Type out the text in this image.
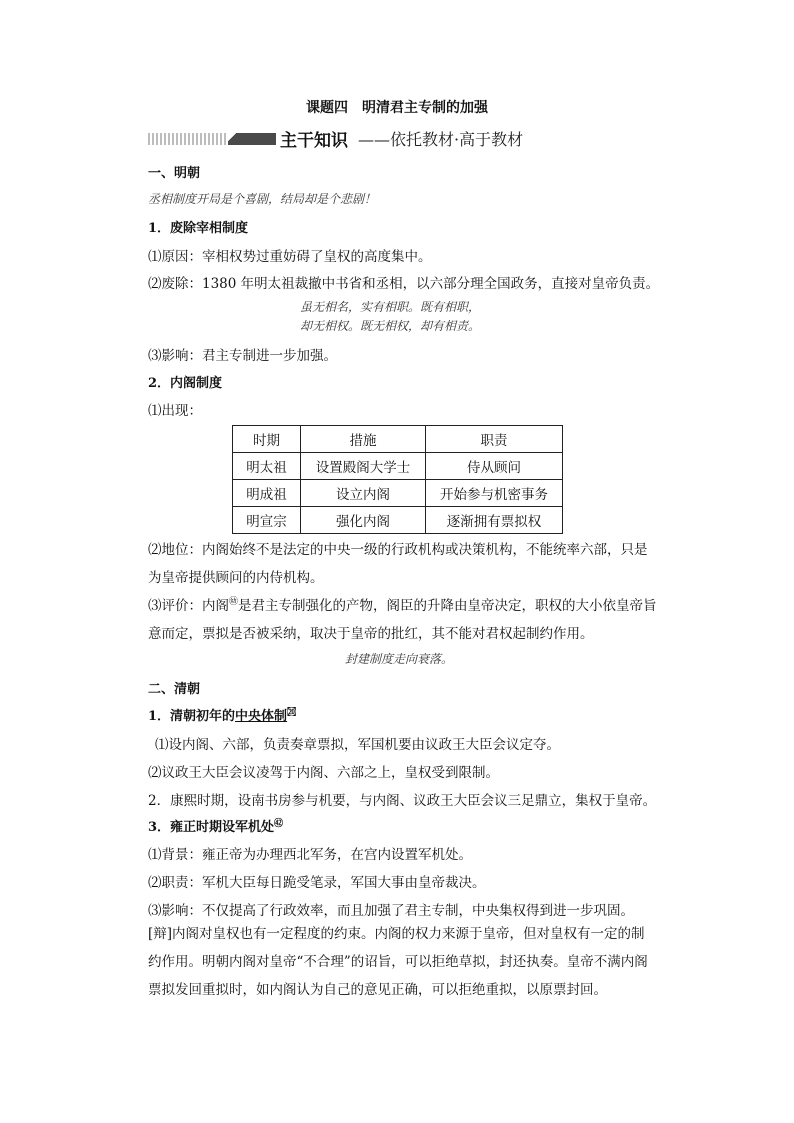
课题四　明清君主专制的加强
主干知识 ——依托教材·高于教材
一、明朝
丞相制度开局是个喜剧，结局却是个悲剧！
1．废除宰相制度
⑴原因：宰相权势过重妨碍了皇权的高度集中。
⑵废除：1380 年明太祖裁撤中书省和丞相，以六部分理全国政务，直接对皇帝负责。
虽无相名，实有相职。既有相职，
却无相权。既无相权，却有相责。
⑶影响：君主专制进一步加强。
2．内阁制度
⑴出现：
时期	措施	职责
明太祖	设置殿阁大学士	侍从顾问
明成祖	设立内阁	开始参与机密事务
明宣宗	强化内阁	逐渐拥有票拟权
⑵地位：内阁始终不是法定的中央一级的行政机构或决策机构，不能统率六部，只是
为皇帝提供顾问的内侍机构。
⑶评价：内阁㉅是君主专制强化的产物，阁臣的升降由皇帝决定，职权的大小依皇帝旨
意而定，票拟是否被采纳，取决于皇帝的批红，其不能对君权起制约作用。
封建制度走向衰落。
二、清朝
1．清朝初年的中央体制$^㉉$
⑴设内阁、六部，负责奏章票拟，军国机要由议政王大臣会议定夺。
⑵议政王大臣会议凌驾于内阁、六部之上，皇权受到限制。
2．康熙时期，设南书房参与机要，与内阁、议政王大臣会议三足鼎立，集权于皇帝。
3．雍正时期设军机处$^㊷$
⑴背景：雍正帝为办理西北军务，在宫内设置军机处。
⑵职责：军机大臣每日跪受笔录，军国大事由皇帝裁决。
⑶影响：不仅提高了行政效率，而且加强了君主专制，中央集权得到进一步巩固。
[辩]内阁对皇权也有一定程度的约束。内阁的权力来源于皇帝，但对皇权有一定的制约作用。明朝内阁对皇帝“不合理”的诏旨，可以拒绝草拟，封还执奏。皇帝不满内阁票拟发回重拟时，如内阁认为自己的意见正确，可以拒绝重拟，以原票封回。
